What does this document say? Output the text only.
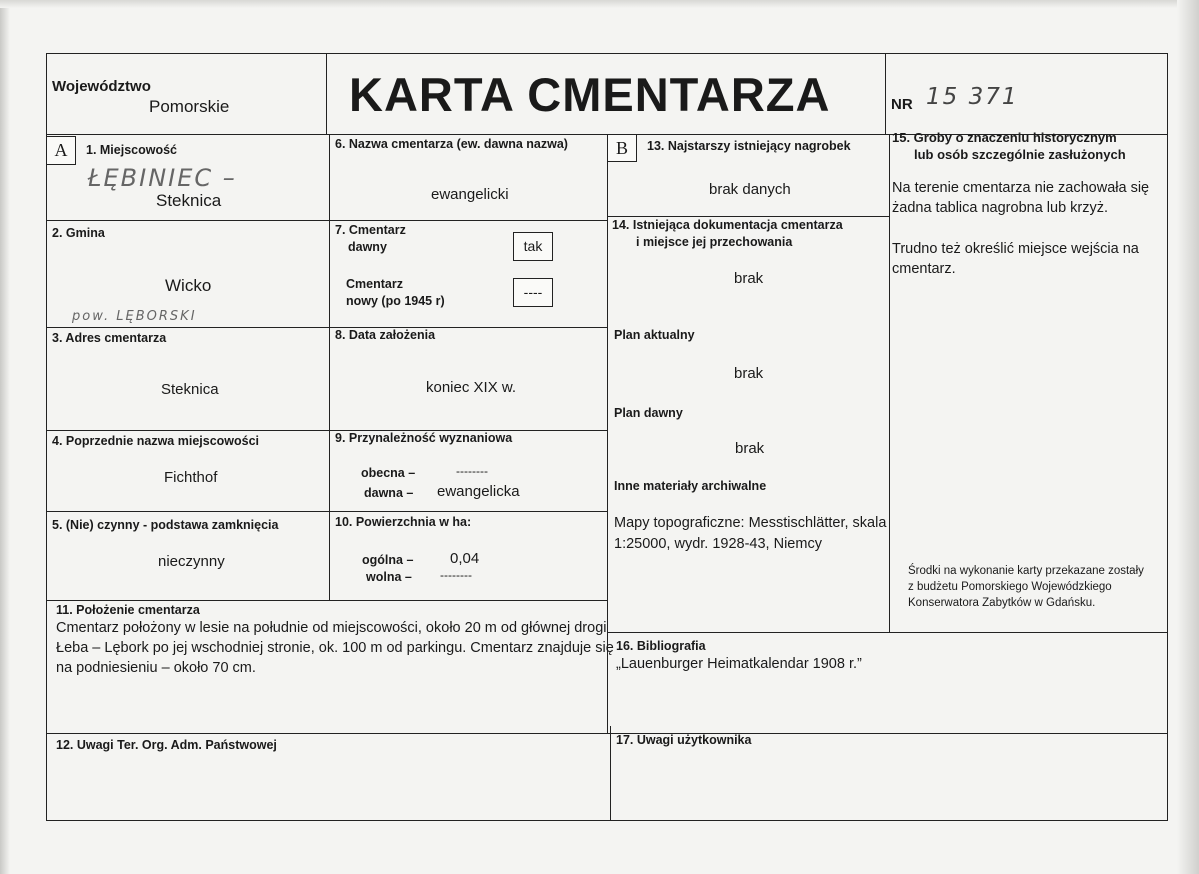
Województwo
Pomorskie	KARTA CMENTARZA	NR 15 371
A	1. Miejscowość
ŁĘBINIEC –
Steknica
2. Gmina
Wicko
pow. LĘBORSKI
3. Adres cmentarza
Steknica
4. Poprzednie nazwa miejscowości
Fichthof
5. (Nie) czynny - podstawa zamknięcia
nieczynny
6. Nazwa cmentarza (ew. dawna nazwa)
ewangelicki
7. Cmentarz
dawny	tak
Cmentarz
nowy (po 1945 r)
----
8. Data założenia
koniec XIX w.
9. Przynależność wyznaniowa
obecna –	--------
dawna – ewangelicka
10. Powierzchnia w ha:
ogólna – 0,04
wolna – --------
11. Położenie cmentarza
Cmentarz położony w lesie na południe od miejscowości, około 20 m od głównej drogi
Łeba – Lębork po jej wschodniej stronie, ok. 100 m od parkingu. Cmentarz znajduje się
na podniesieniu – około 70 cm.
12. Uwagi Ter. Org. Adm. Państwowej
B	13. Najstarszy istniejący nagrobek
brak danych
14. Istniejąca dokumentacja cmentarza
i miejsce jej przechowania
brak
Plan aktualny
brak
Plan dawny
brak
Inne materiały archiwalne
Mapy topograficzne: Messtischlätter, skala
1:25000, wydr. 1928-43, Niemcy
15. Groby o znaczeniu historycznym
lub osób szczególnie zasłużonych
Na terenie cmentarza nie zachowała się
żadna tablica nagrobna lub krzyż.
Trudno też określić miejsce wejścia na
cmentarz.
Środki na wykonanie karty przekazane zostały
z budżetu Pomorskiego Wojewódzkiego
Konserwatora Zabytków w Gdańsku.
16. Bibliografia
„Lauenburger Heimatkalendar 1908 r.”
17. Uwagi użytkownika
